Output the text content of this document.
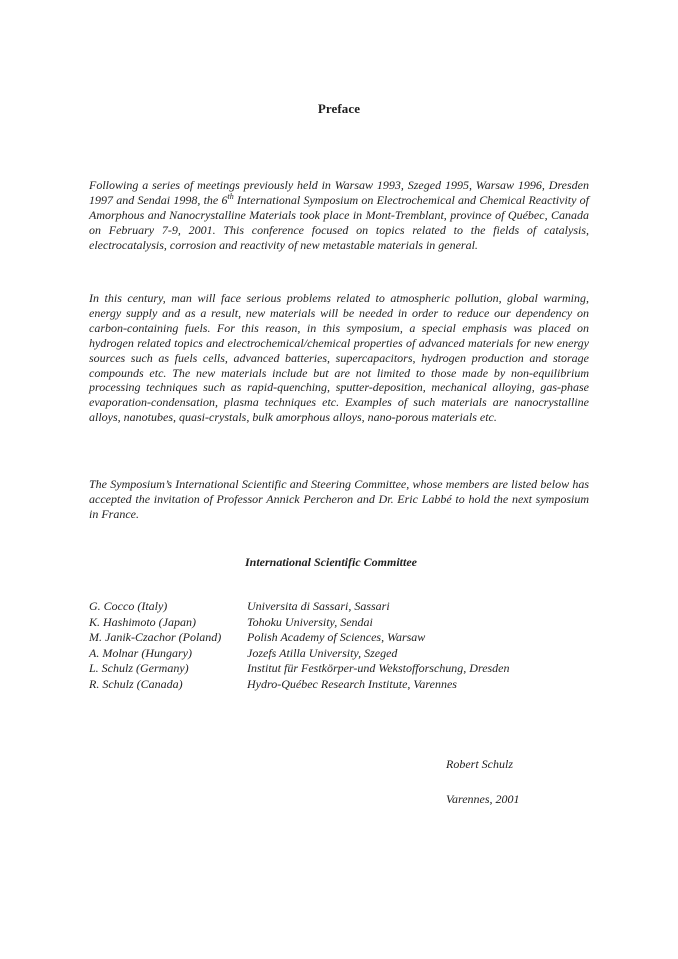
Preface

Following a series of meetings previously held in Warsaw 1993, Szeged 1995, Warsaw 1996, Dresden 1997 and Sendai 1998, the 6th International Symposium on Electrochemical and Chemical Reactivity of Amorphous and Nanocrystalline Materials took place in Mont-Tremblant, province of Québec, Canada on February 7-9, 2001. This conference focused on topics related to the fields of catalysis, electrocatalysis, corrosion and reactivity of new metastable materials in general.

In this century, man will face serious problems related to atmospheric pollution, global warming, energy supply and as a result, new materials will be needed in order to reduce our dependency on carbon-containing fuels. For this reason, in this symposium, a special emphasis was placed on hydrogen related topics and electrochemical/chemical properties of advanced materials for new energy sources such as fuels cells, advanced batteries, supercapacitors, hydrogen production and storage compounds etc. The new materials include but are not limited to those made by non-equilibrium processing techniques such as rapid-quenching, sputter-deposition, mechanical alloying, gas-phase evaporation-condensation, plasma techniques etc. Examples of such materials are nanocrystalline alloys, nanotubes, quasi-crystals, bulk amorphous alloys, nano-porous materials etc.

The Symposium’s International Scientific and Steering Committee, whose members are listed below has accepted the invitation of Professor Annick Percheron and Dr. Eric Labbé to hold the next symposium in France.

International Scientific Committee
G. Cocco (Italy)	Universita di Sassari, Sassari
K. Hashimoto (Japan)	Tohoku University, Sendai
M. Janik-Czachor (Poland) Polish Academy of Sciences, Warsaw
A. Molnar (Hungary)	Jozefs Atilla University, Szeged
L. Schulz (Germany)	Institut für Festkörper-und Wekstofforschung, Dresden
R. Schulz (Canada)	Hydro-Québec Research Institute, Varennes
Robert Schulz
Varennes, 2001
